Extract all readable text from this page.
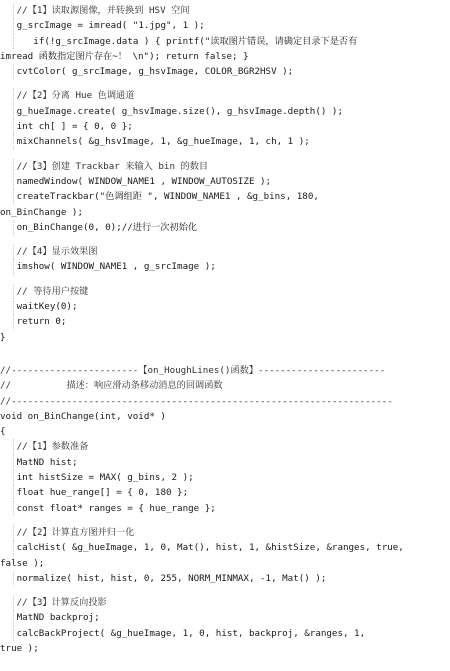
//【1】读取源图像，并转换到 HSV 空间
g_srcImage = imread( "1.jpg", 1 );
if(!g_srcImage.data ) { printf("读取图片错误，请确定目录下是否有
imread 函数指定图片存在~！ \n"); return false; }
cvtColor( g_srcImage, g_hsvImage, COLOR_BGR2HSV );
//【2】分离 Hue 色调通道
g_hueImage.create( g_hsvImage.size(), g_hsvImage.depth() );
int ch[ ] = { 0, 0 };
mixChannels( &g_hsvImage, 1, &g_hueImage, 1, ch, 1 );
//【3】创建 Trackbar 来输入 bin 的数目
namedWindow( WINDOW_NAME1 , WINDOW_AUTOSIZE );
createTrackbar("色调组距 ", WINDOW_NAME1 , &g_bins, 180,
on_BinChange );
on_BinChange(0, 0);//进行一次初始化
//【4】显示效果图
imshow( WINDOW_NAME1 , g_srcImage );
// 等待用户按键
waitKey(0);
return 0;
}
//-----------------------【on_HoughLines()函数】-----------------------
//          描述：响应滑动条移动消息的回调函数
//---------------------------------------------------------------------
void on_BinChange(int, void* )
{
//【1】参数准备
MatND hist;
int histSize = MAX( g_bins, 2 );
float hue_range[] = { 0, 180 };
const float* ranges = { hue_range };
//【2】计算直方图并归一化
calcHist( &g_hueImage, 1, 0, Mat(), hist, 1, &histSize, &ranges, true,
false );
normalize( hist, hist, 0, 255, NORM_MINMAX, -1, Mat() );
//【3】计算反向投影
MatND backproj;
calcBackProject( &g_hueImage, 1, 0, hist, backproj, &ranges, 1,
true );
